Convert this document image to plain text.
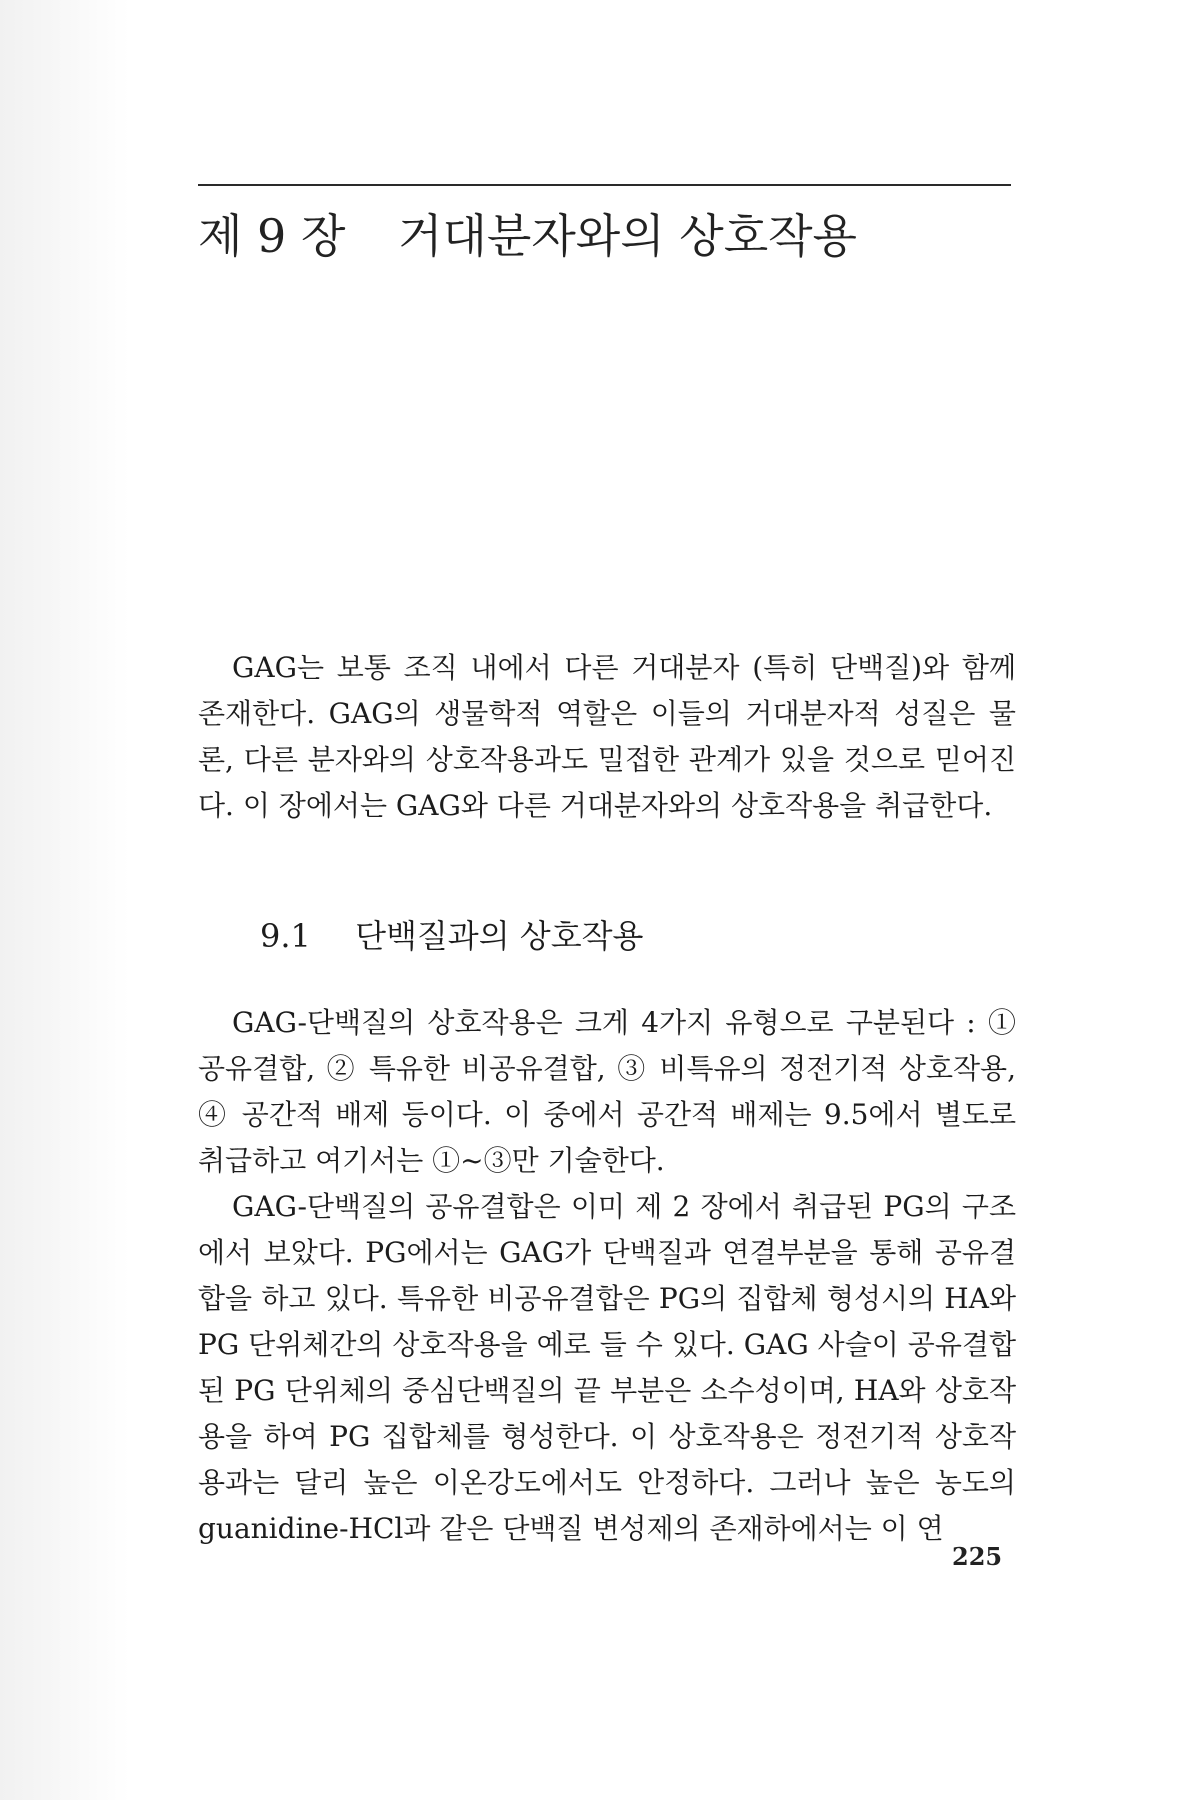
제 9 장 거대분자와의 상호작용

GAG는 보통 조직 내에서 다른 거대분자 (특히 단백질)와 함께 존재한다. GAG의 생물학적 역할은 이들의 거대분자적 성질은 물론, 다른 분자와의 상호작용과도 밀접한 관계가 있을 것으로 믿어진다. 이 장에서는 GAG와 다른 거대분자와의 상호작용을 취급한다.

9.1 단백질과의 상호작용

GAG-단백질의 상호작용은 크게 4가지 유형으로 구분된다 : ① 공유결합, ② 특유한 비공유결합, ③ 비특유의 정전기적 상호작용, ④ 공간적 배제 등이다. 이 중에서 공간적 배제는 9.5에서 별도로 취급하고 여기서는 ①~③만 기술한다.

GAG-단백질의 공유결합은 이미 제 2 장에서 취급된 PG의 구조에서 보았다. PG에서는 GAG가 단백질과 연결부분을 통해 공유결합을 하고 있다. 특유한 비공유결합은 PG의 집합체 형성시의 HA와 PG 단위체간의 상호작용을 예로 들 수 있다. GAG 사슬이 공유결합된 PG 단위체의 중심단백질의 끝 부분은 소수성이며, HA와 상호작용을 하여 PG 집합체를 형성한다. 이 상호작용은 정전기적 상호작용과는 달리 높은 이온강도에서도 안정하다. 그러나 높은 농도의 guanidine-HCl과 같은 단백질 변성제의 존재하에서는 이 연

225
